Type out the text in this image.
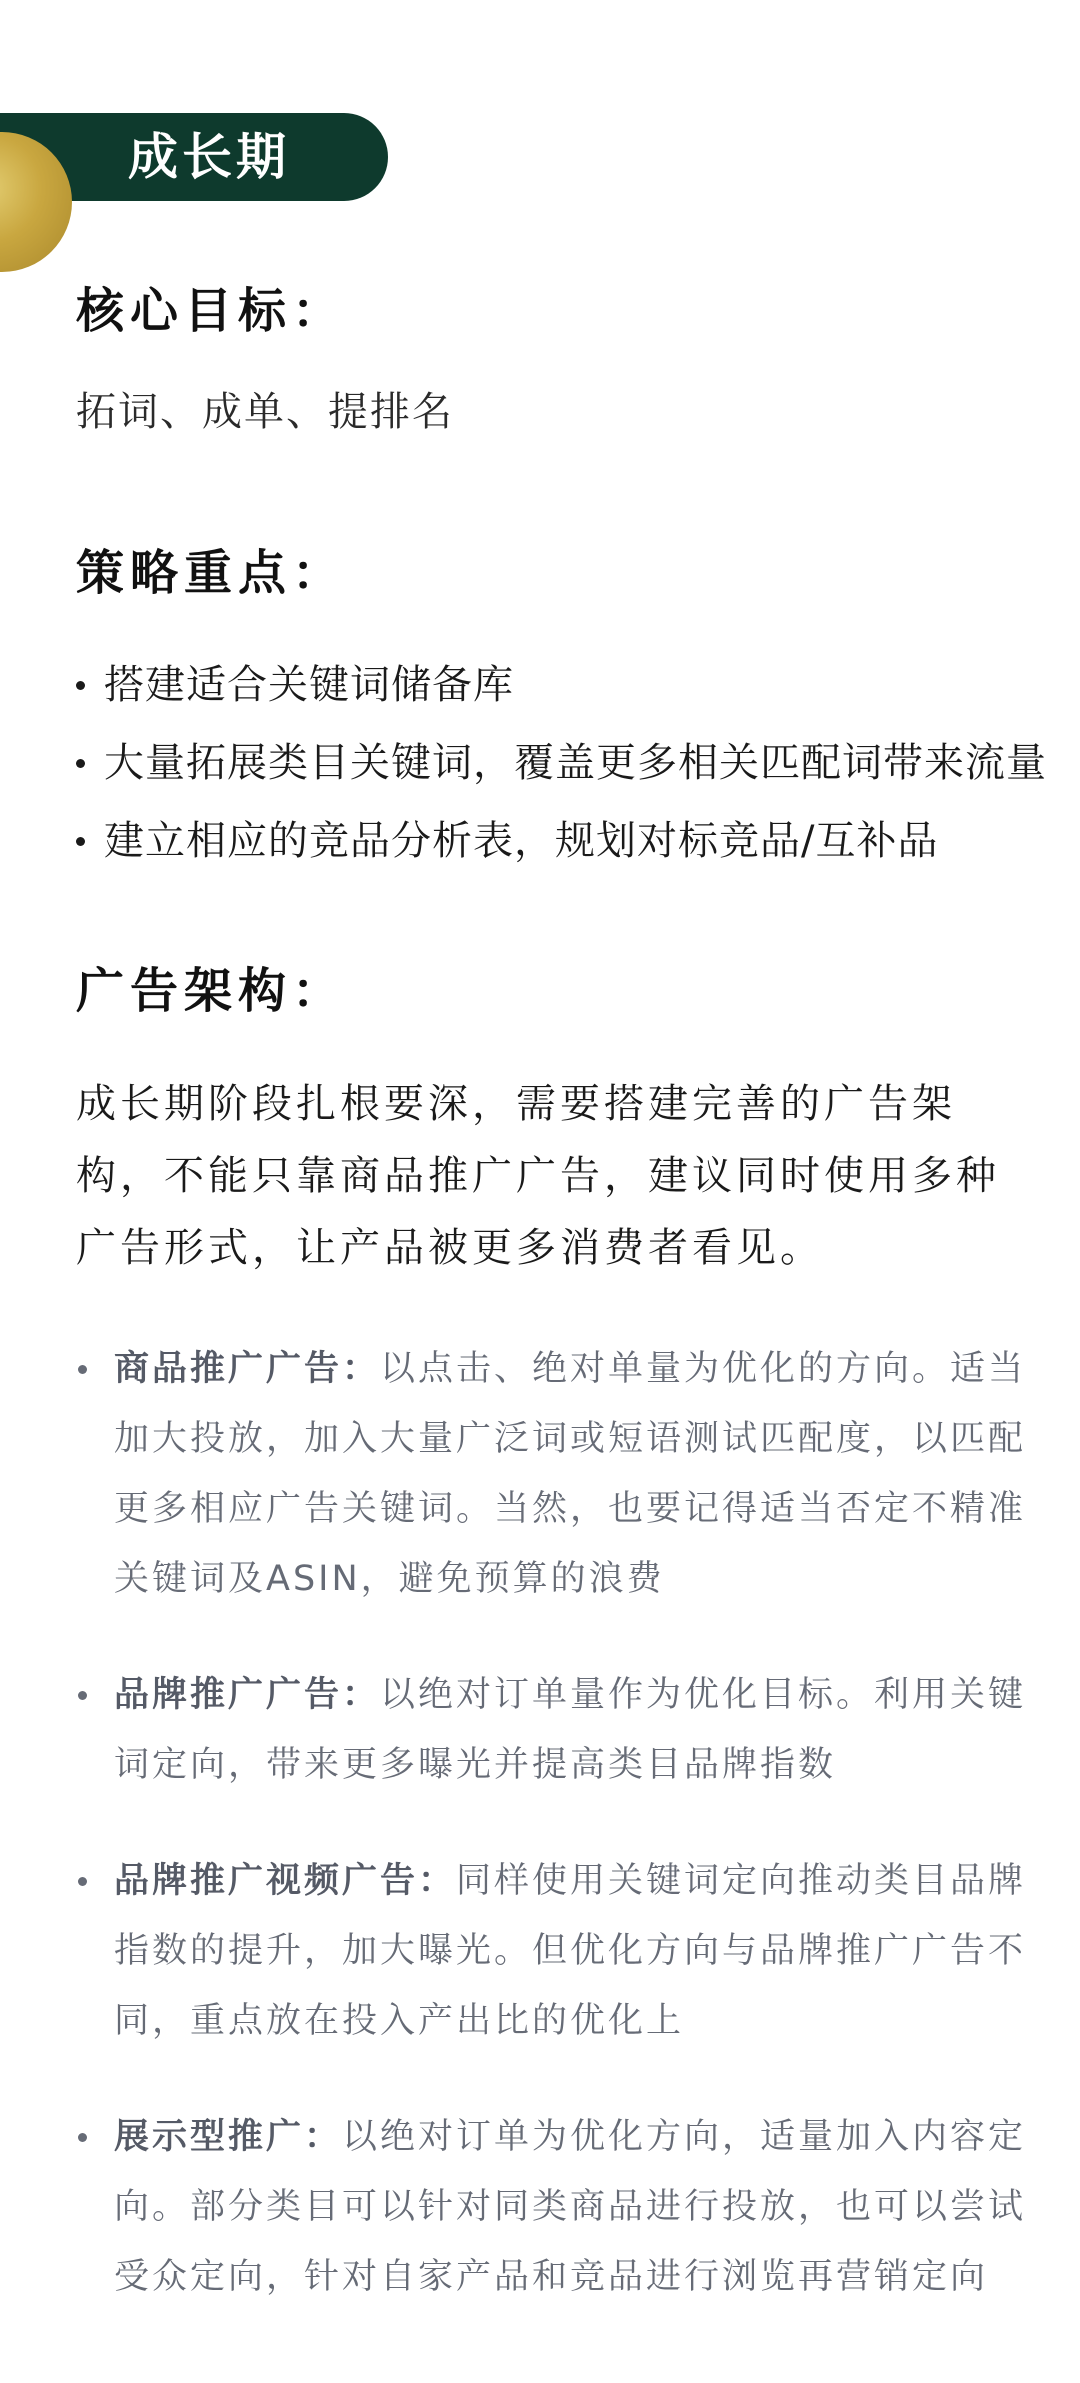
成长期
核心目标：

拓词、成单、提排名

策略重点：
搭建适合关键词储备库
大量拓展类目关键词，覆盖更多相关匹配词带来流量
建立相应的竞品分析表，规划对标竞品/互补品
广告架构：

成长期阶段扎根要深，需要搭建完善的广告架构，不能只靠商品推广广告，建议同时使用多种广告形式，让产品被更多消费者看见。

商品推广广告：以点击、绝对单量为优化的方向。适当加大投放，加入大量广泛词或短语测试匹配度，以匹配更多相应广告关键词。当然，也要记得适当否定不精准关键词及ASIN，避免预算的浪费
品牌推广广告：以绝对订单量作为优化目标。利用关键词定向，带来更多曝光并提高类目品牌指数
品牌推广视频广告：同样使用关键词定向推动类目品牌指数的提升，加大曝光。但优化方向与品牌推广广告不同，重点放在投入产出比的优化上
展示型推广：以绝对订单为优化方向，适量加入内容定向。部分类目可以针对同类商品进行投放，也可以尝试受众定向，针对自家产品和竞品进行浏览再营销定向
